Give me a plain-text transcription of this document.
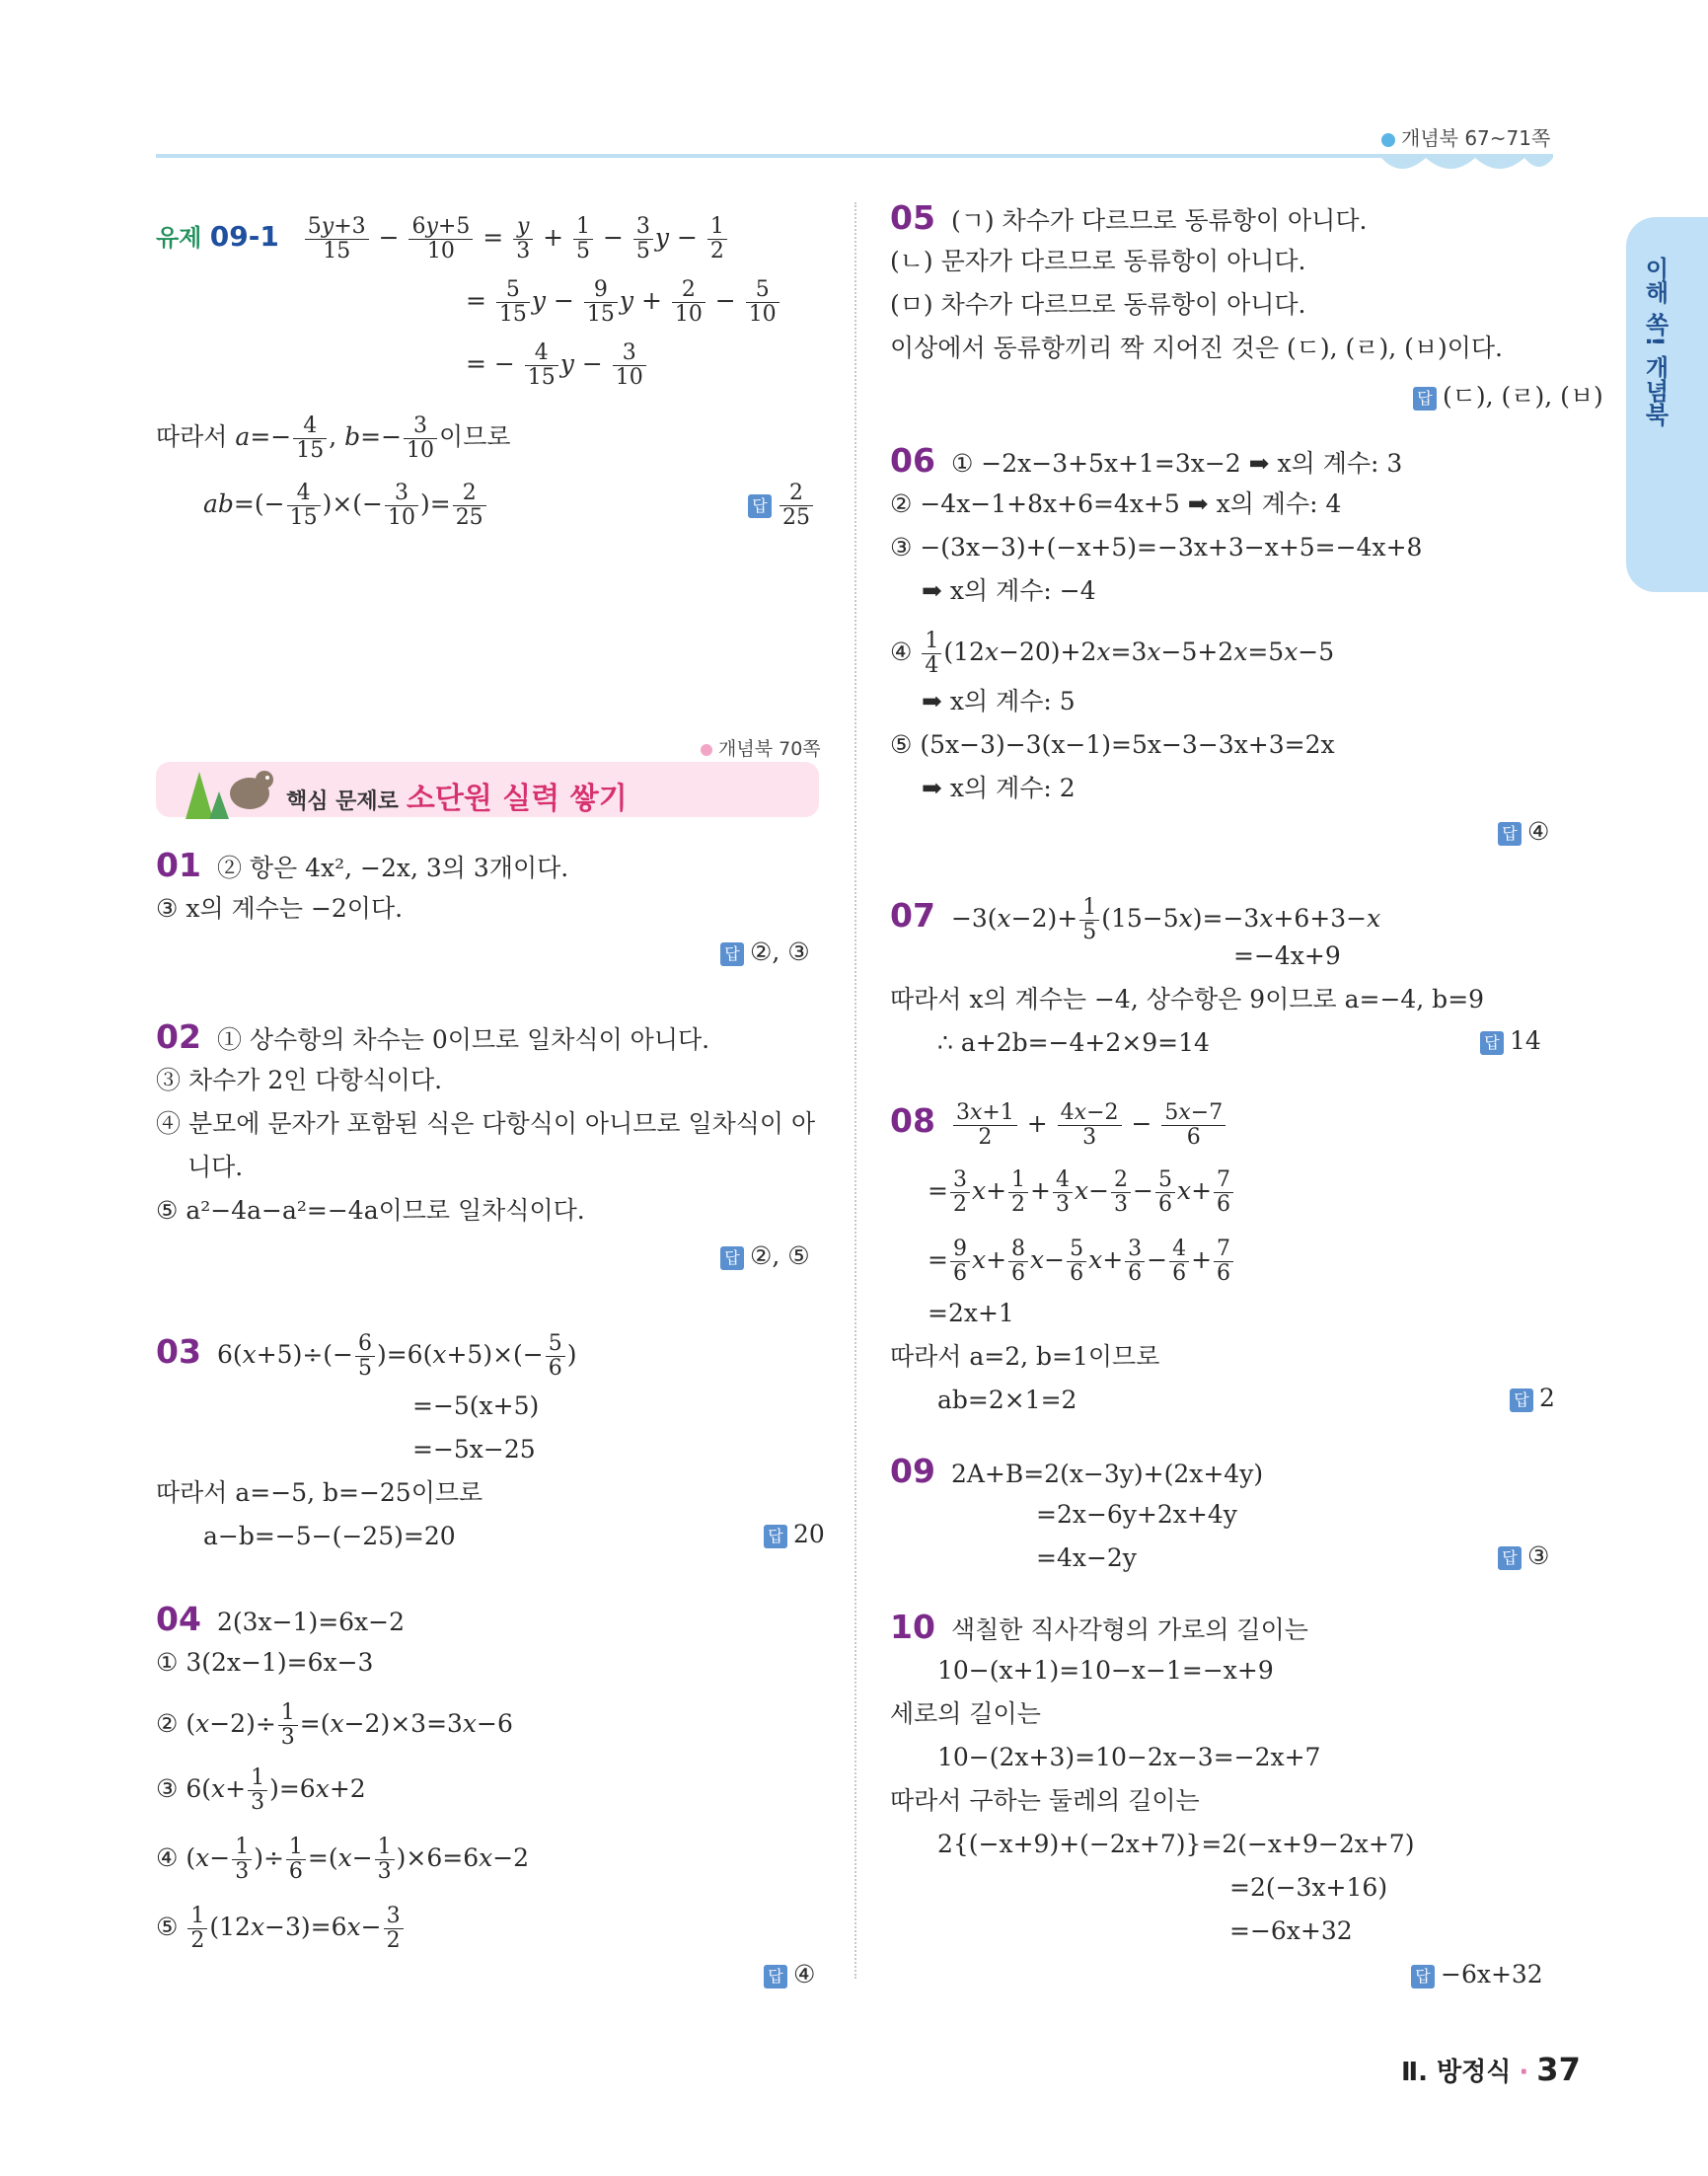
개념북 67~71쪽
이해 쏙! 개념북
유제 $09-1 \frac{5y+3}{15} - \frac{6y+5}{10} = \frac{y}{3} + \frac{1}{5} - \frac{3}{5}$ $y - \frac{1}{2}$
= $\frac{5}{15}$ $y - \frac{9}{15}$ $y + \frac{2}{10} - \frac{5}{10}$
= − $\frac{4}{15}$ $y - \frac{3}{10}$
따라서 $a=- \frac{4}{15}$ , $b=- \frac{3}{10}$ 이므로
$ab=(- \frac{4}{15}$ )×(− $\frac{3}{10}$ )= $\frac{2}{25}$	답 $\frac{2}{25}$
개념북 70쪽
핵심 문제로 소단원 실력 쌓기
01 ② 항은 4x², −2x, 3의 3개이다.
③ x의 계수는 −2이다.
답 ②, ③
02 ① 상수항의 차수는 0이므로 일차식이 아니다.
③ 차수가 2인 다항식이다.
④ 분모에 문자가 포함된 식은 다항식이 아니므로 일차식이 아
니다.
⑤ a²−4a−a²=−4a이므로 일차식이다.
답 ②, ⑤
03 $6(x+5)\div(- \frac{6}{5} )=6(x+5)\times(- \frac{5}{6}$ )
=−5(x+5)
=−5x−25
따라서 a=−5, b=−25이므로
a−b=−5−(−25)=20	답 20
04 2(3x−1)=6x−2
① 3(2x−1)=6x−3
② $(x-2)\div \frac{1}{3} =(x-2)\times 3=3x-6$
③ $6(x+ \frac{1}{3} )=6x+2$
④ ($x- \frac{1}{3}$ )÷ $\frac{1}{6} =(x- \frac{1}{3} )\times 6=6x-2$
⑤ $\frac{1}{2} (12x-3)=6x- \frac{3}{2}$
답 ④
05 (ㄱ) 차수가 다르므로 동류항이 아니다.
(ㄴ) 문자가 다르므로 동류항이 아니다.
(ㅁ) 차수가 다르므로 동류항이 아니다.
이상에서 동류항끼리 짝 지어진 것은 (ㄷ), (ㄹ), (ㅂ)이다.
답 (ㄷ), (ㄹ), (ㅂ)
06 ① −2x−3+5x+1=3x−2 ➡ x의 계수: 3
② −4x−1+8x+6=4x+5 ➡ x의 계수: 4
③ −(3x−3)+(−x+5)=−3x+3−x+5=−4x+8
➡ x의 계수: −4
④ $\frac{1}{4} (12x-20)+2x=3x-5+2x=5x-5$
➡ x의 계수: 5
⑤ (5x−3)−3(x−1)=5x−3−3x+3=2x
➡ x의 계수: 2
답 ④
$07 -3(x-2)+ \frac{1}{5} (15-5x)=-3x+6+3-x$
=−4x+9
따라서 x의 계수는 −4, 상수항은 9이므로 a=−4, b=9
∴ a+2b=−4+2×9=14	답 14
$08 \frac{3x+1}{2} + \frac{4x-2}{3} - \frac{5x-7}{6}$
= $\frac{3}{2} x+ \frac{1}{2} + \frac{4}{3} x- \frac{2}{3} - \frac{5}{6} x+ \frac{7}{6}$
= $\frac{9}{6} x+ \frac{8}{6} x- \frac{5}{6} x+ \frac{3}{6} - \frac{4}{6} + \frac{7}{6}$
=2x+1
따라서 a=2, b=1이므로
ab=2×1=2	답 2
09 2A+B=2(x−3y)+(2x+4y)
=2x−6y+2x+4y
=4x−2y	답 ③
10 색칠한 직사각형의 가로의 길이는
10−(x+1)=10−x−1=−x+9
세로의 길이는
10−(2x+3)=10−2x−3=−2x+7
따라서 구하는 둘레의 길이는
2{(−x+9)+(−2x+7)}=2(−x+9−2x+7)
=2(−3x+16)
=−6x+32
답 −6x+32
Ⅱ. 방정식 · 37
